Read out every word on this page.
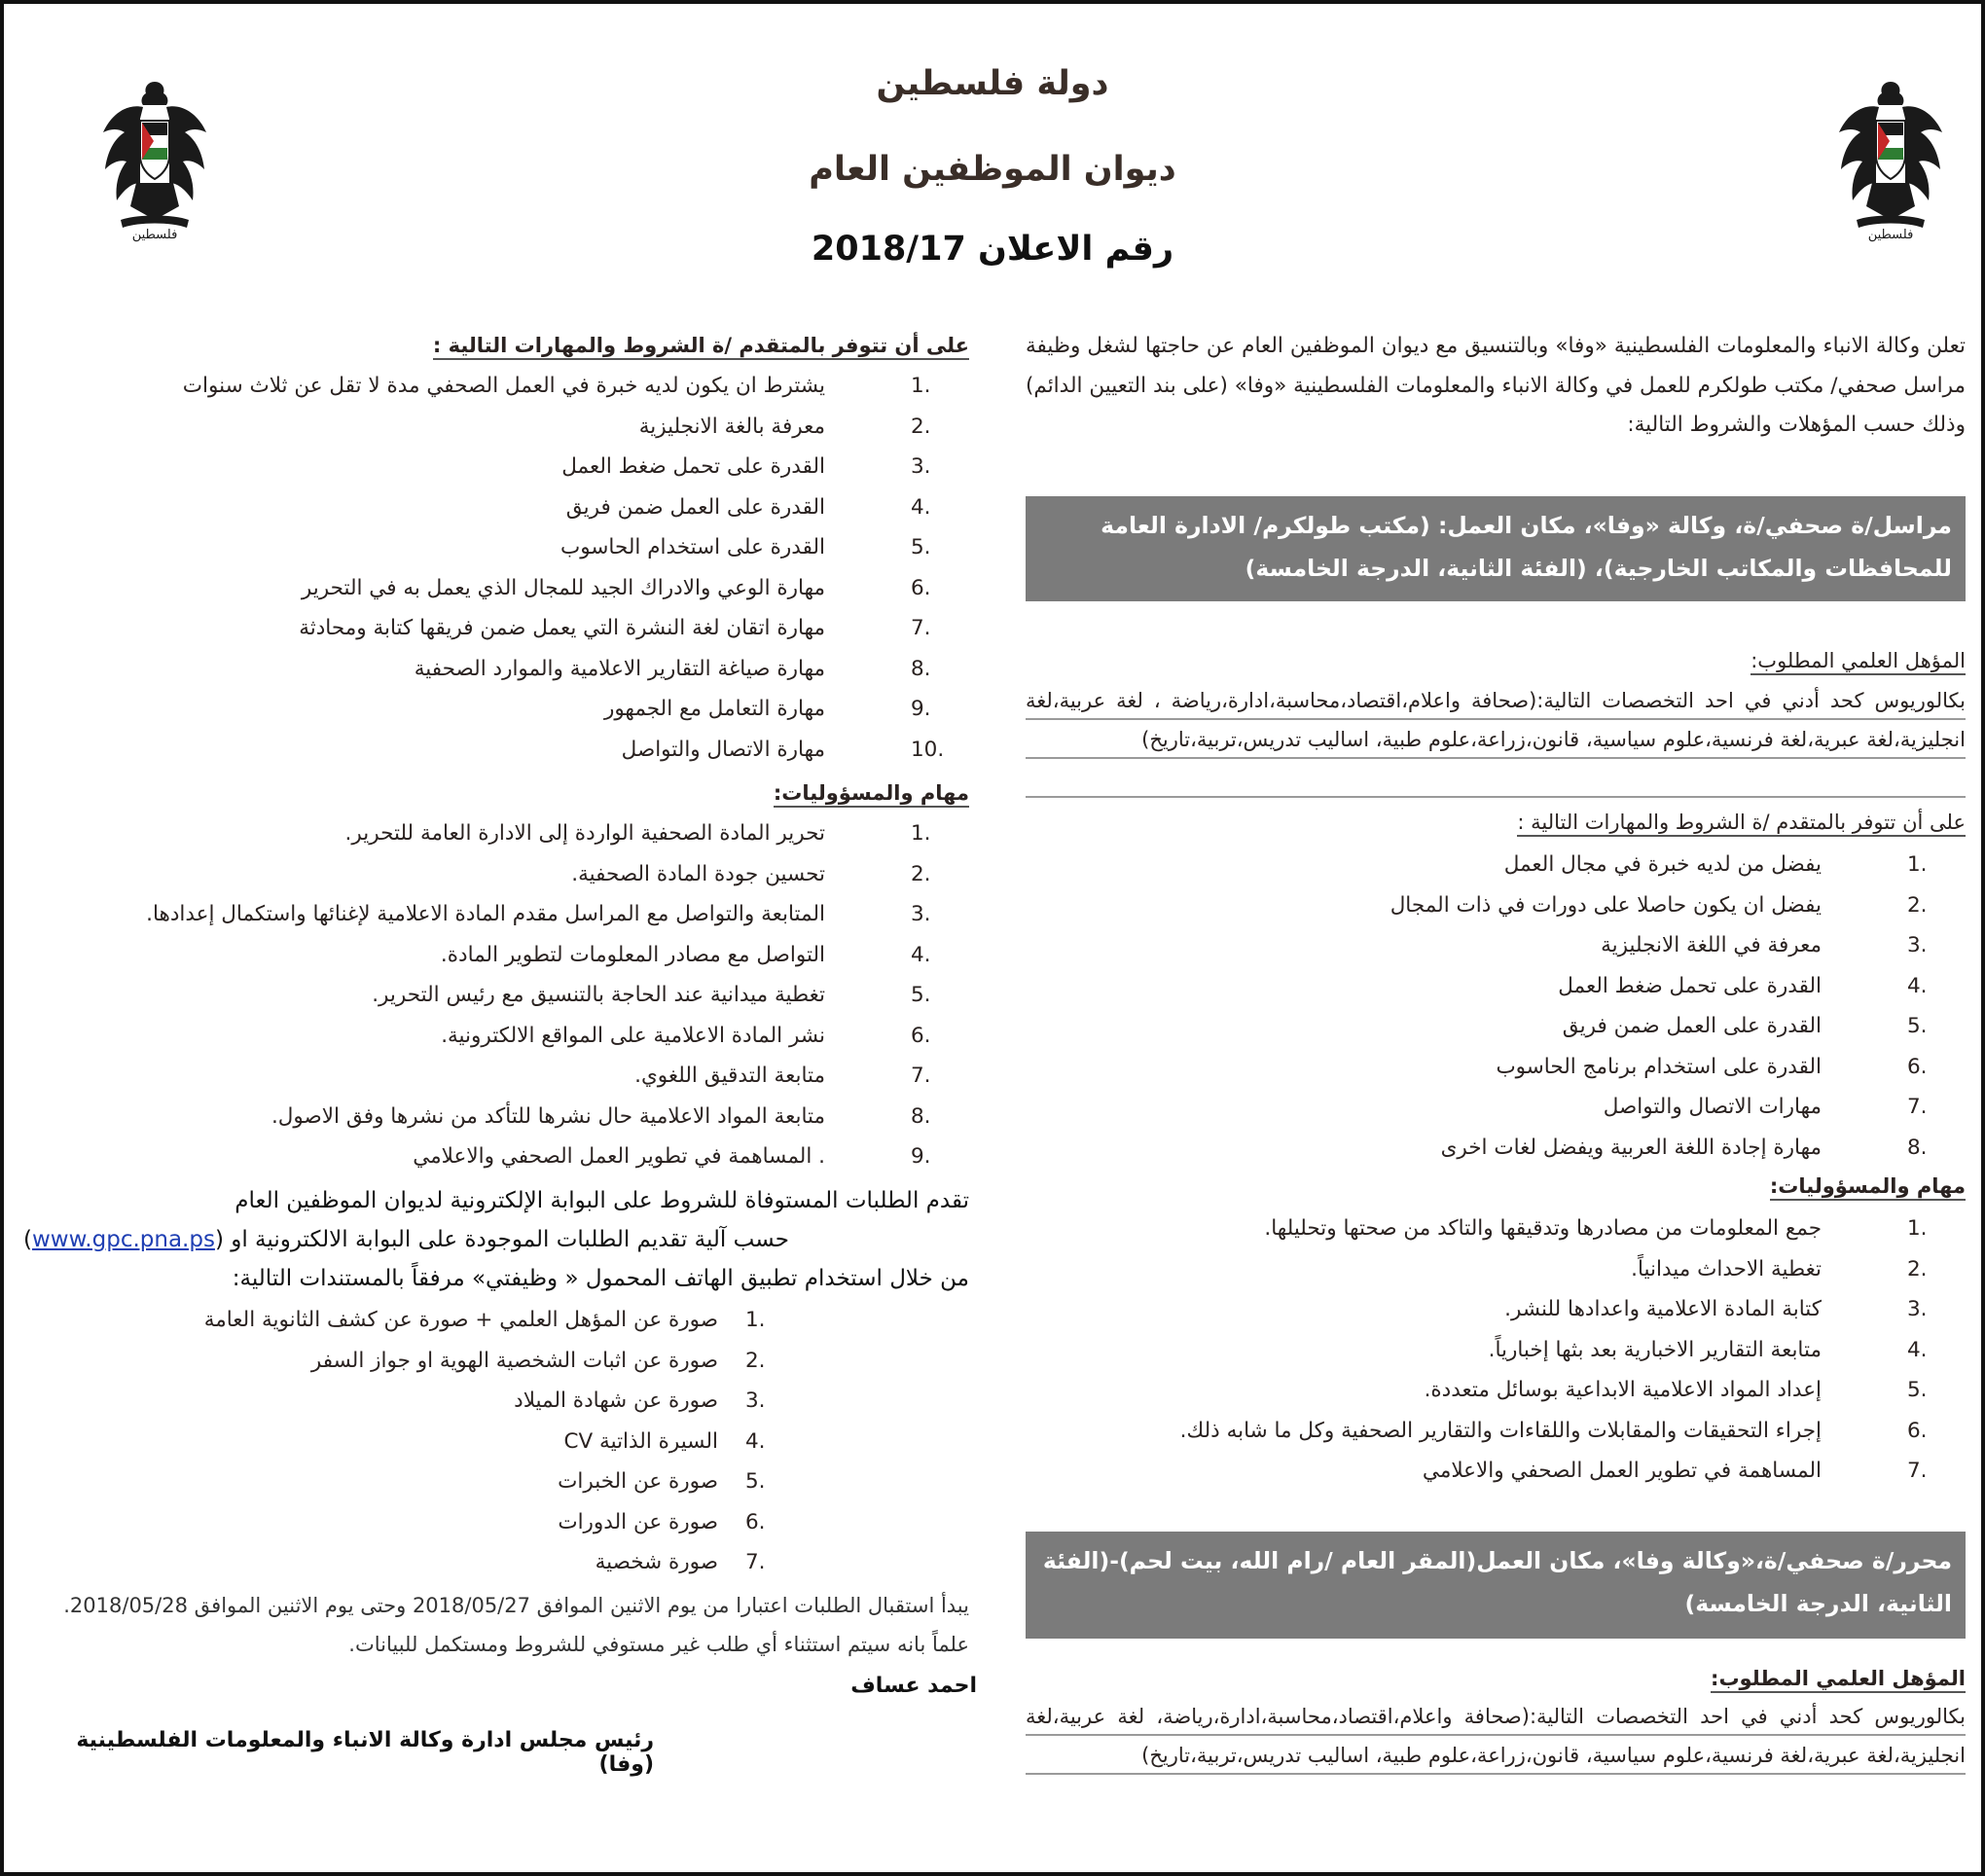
فلسطين	فلسطين
دولة فلسطين
ديوان الموظفين العام
رقم الاعلان 2018/17
تعلن وكالة الانباء والمعلومات الفلسطينية «وفا» وبالتنسيق مع ديوان الموظفين العام عن حاجتها لشغل وظيفة مراسل صحفي/ مكتب طولكرم للعمل في وكالة الانباء والمعلومات الفلسطينية «وفا» (على بند التعيين الدائم) وذلك حسب المؤهلات والشروط التالية:
مراسل/ة صحفي/ة، وكالة «وفا»، مكان العمل: (مكتب طولكرم/ الادارة العامة للمحافظات والمكاتب الخارجية)، (الفئة الثانية، الدرجة الخامسة)
المؤهل العلمي المطلوب:
بكالوريوس كحد أدني في احد التخصصات التالية:(صحافة واعلام،اقتصاد،محاسبة،ادارة،رياضة ، لغة عربية،لغة انجليزية،لغة عبرية،لغة فرنسية،علوم سياسية، قانون،زراعة،علوم طبية، اساليب تدريس،تربية،تاريخ)
على أن تتوفر بالمتقدم /ة الشروط والمهارات التالية :
1.
يفضل من لديه خبرة في مجال العمل
2.
يفضل ان يكون حاصلا على دورات في ذات المجال
3.
معرفة في اللغة الانجليزية
4.
القدرة على تحمل ضغط العمل
5.
القدرة على العمل ضمن فريق
6.
القدرة على استخدام برنامج الحاسوب
7.
مهارات الاتصال والتواصل
8.
مهارة إجادة اللغة العربية ويفضل لغات اخرى
مهام والمسؤوليات:
1.
جمع المعلومات من مصادرها وتدقيقها والتاكد من صحتها وتحليلها.
2.
تغطية الاحداث ميدانياً.
3.
كتابة المادة الاعلامية واعدادها للنشر.
4.
متابعة التقارير الاخبارية بعد بثها إخبارياً.
5.
إعداد المواد الاعلامية الابداعية بوسائل متعددة.
6.
إجراء التحقيقات والمقابلات واللقاءات والتقارير الصحفية وكل ما شابه ذلك.
7.
المساهمة في تطوير العمل الصحفي والاعلامي
محرر/ة صحفي/ة،«وكالة وفا»، مكان العمل(المقر العام /رام الله، بيت لحم)-(الفئة الثانية، الدرجة الخامسة)
المؤهل العلمي المطلوب:
بكالوريوس كحد أدني في احد التخصصات التالية:(صحافة واعلام،اقتصاد،محاسبة،ادارة،رياضة، لغة عربية،لغة انجليزية،لغة عبرية،لغة فرنسية،علوم سياسية، قانون،زراعة،علوم طبية، اساليب تدريس،تربية،تاريخ)
على أن تتوفر بالمتقدم /ة الشروط والمهارات التالية :
1.
يشترط ان يكون لديه خبرة في العمل الصحفي مدة لا تقل عن ثلاث سنوات
2.
معرفة بالغة الانجليزية
3.
القدرة على تحمل ضغط العمل
4.
القدرة على العمل ضمن فريق
5.
القدرة على استخدام الحاسوب
6.
مهارة الوعي والادراك الجيد للمجال الذي يعمل به في التحرير
7.
مهارة اتقان لغة النشرة التي يعمل ضمن فريقها كتابة ومحادثة
8.
مهارة صياغة التقارير الاعلامية والموارد الصحفية
9.
مهارة التعامل مع الجمهور
10.
مهارة الاتصال والتواصل
مهام والمسؤوليات:
1.
تحرير المادة الصحفية الواردة إلى الادارة العامة للتحرير.
2.
تحسين جودة المادة الصحفية.
3.
المتابعة والتواصل مع المراسل مقدم المادة الاعلامية لإغنائها واستكمال إعدادها.
4.
التواصل مع مصادر المعلومات لتطوير المادة.
5.
تغطية ميدانية عند الحاجة بالتنسيق مع رئيس التحرير.
6.
نشر المادة الاعلامية على المواقع الالكترونية.
7.
متابعة التدقيق اللغوي.
8.
متابعة المواد الاعلامية حال نشرها للتأكد من نشرها وفق الاصول.
9.
. المساهمة في تطوير العمل الصحفي والاعلامي
تقدم الطلبات المستوفاة للشروط على البوابة الإلكترونية لديوان الموظفين العام
(www.gpc.pna.ps) حسب آلية تقديم الطلبات الموجودة على البوابة الالكترونية او
من خلال استخدام تطبيق الهاتف المحمول « وظيفتي» مرفقاً بالمستندات التالية:
1.
صورة عن المؤهل العلمي + صورة عن كشف الثانوية العامة
2.
صورة عن اثبات الشخصية الهوية او جواز السفر
3.
صورة عن شهادة الميلاد
4.
السيرة الذاتية CV
5.
صورة عن الخبرات
6.
صورة عن الدورات
7.
صورة شخصية
يبدأ استقبال الطلبات اعتبارا من يوم الاثنين الموافق 2018/05/27 وحتى يوم الاثنين الموافق 2018/05/28.
علماً بانه سيتم استثناء أي طلب غير مستوفي للشروط ومستكمل للبيانات.
احمد عساف
رئيس مجلس ادارة وكالة الانباء والمعلومات الفلسطينية (وفا)
